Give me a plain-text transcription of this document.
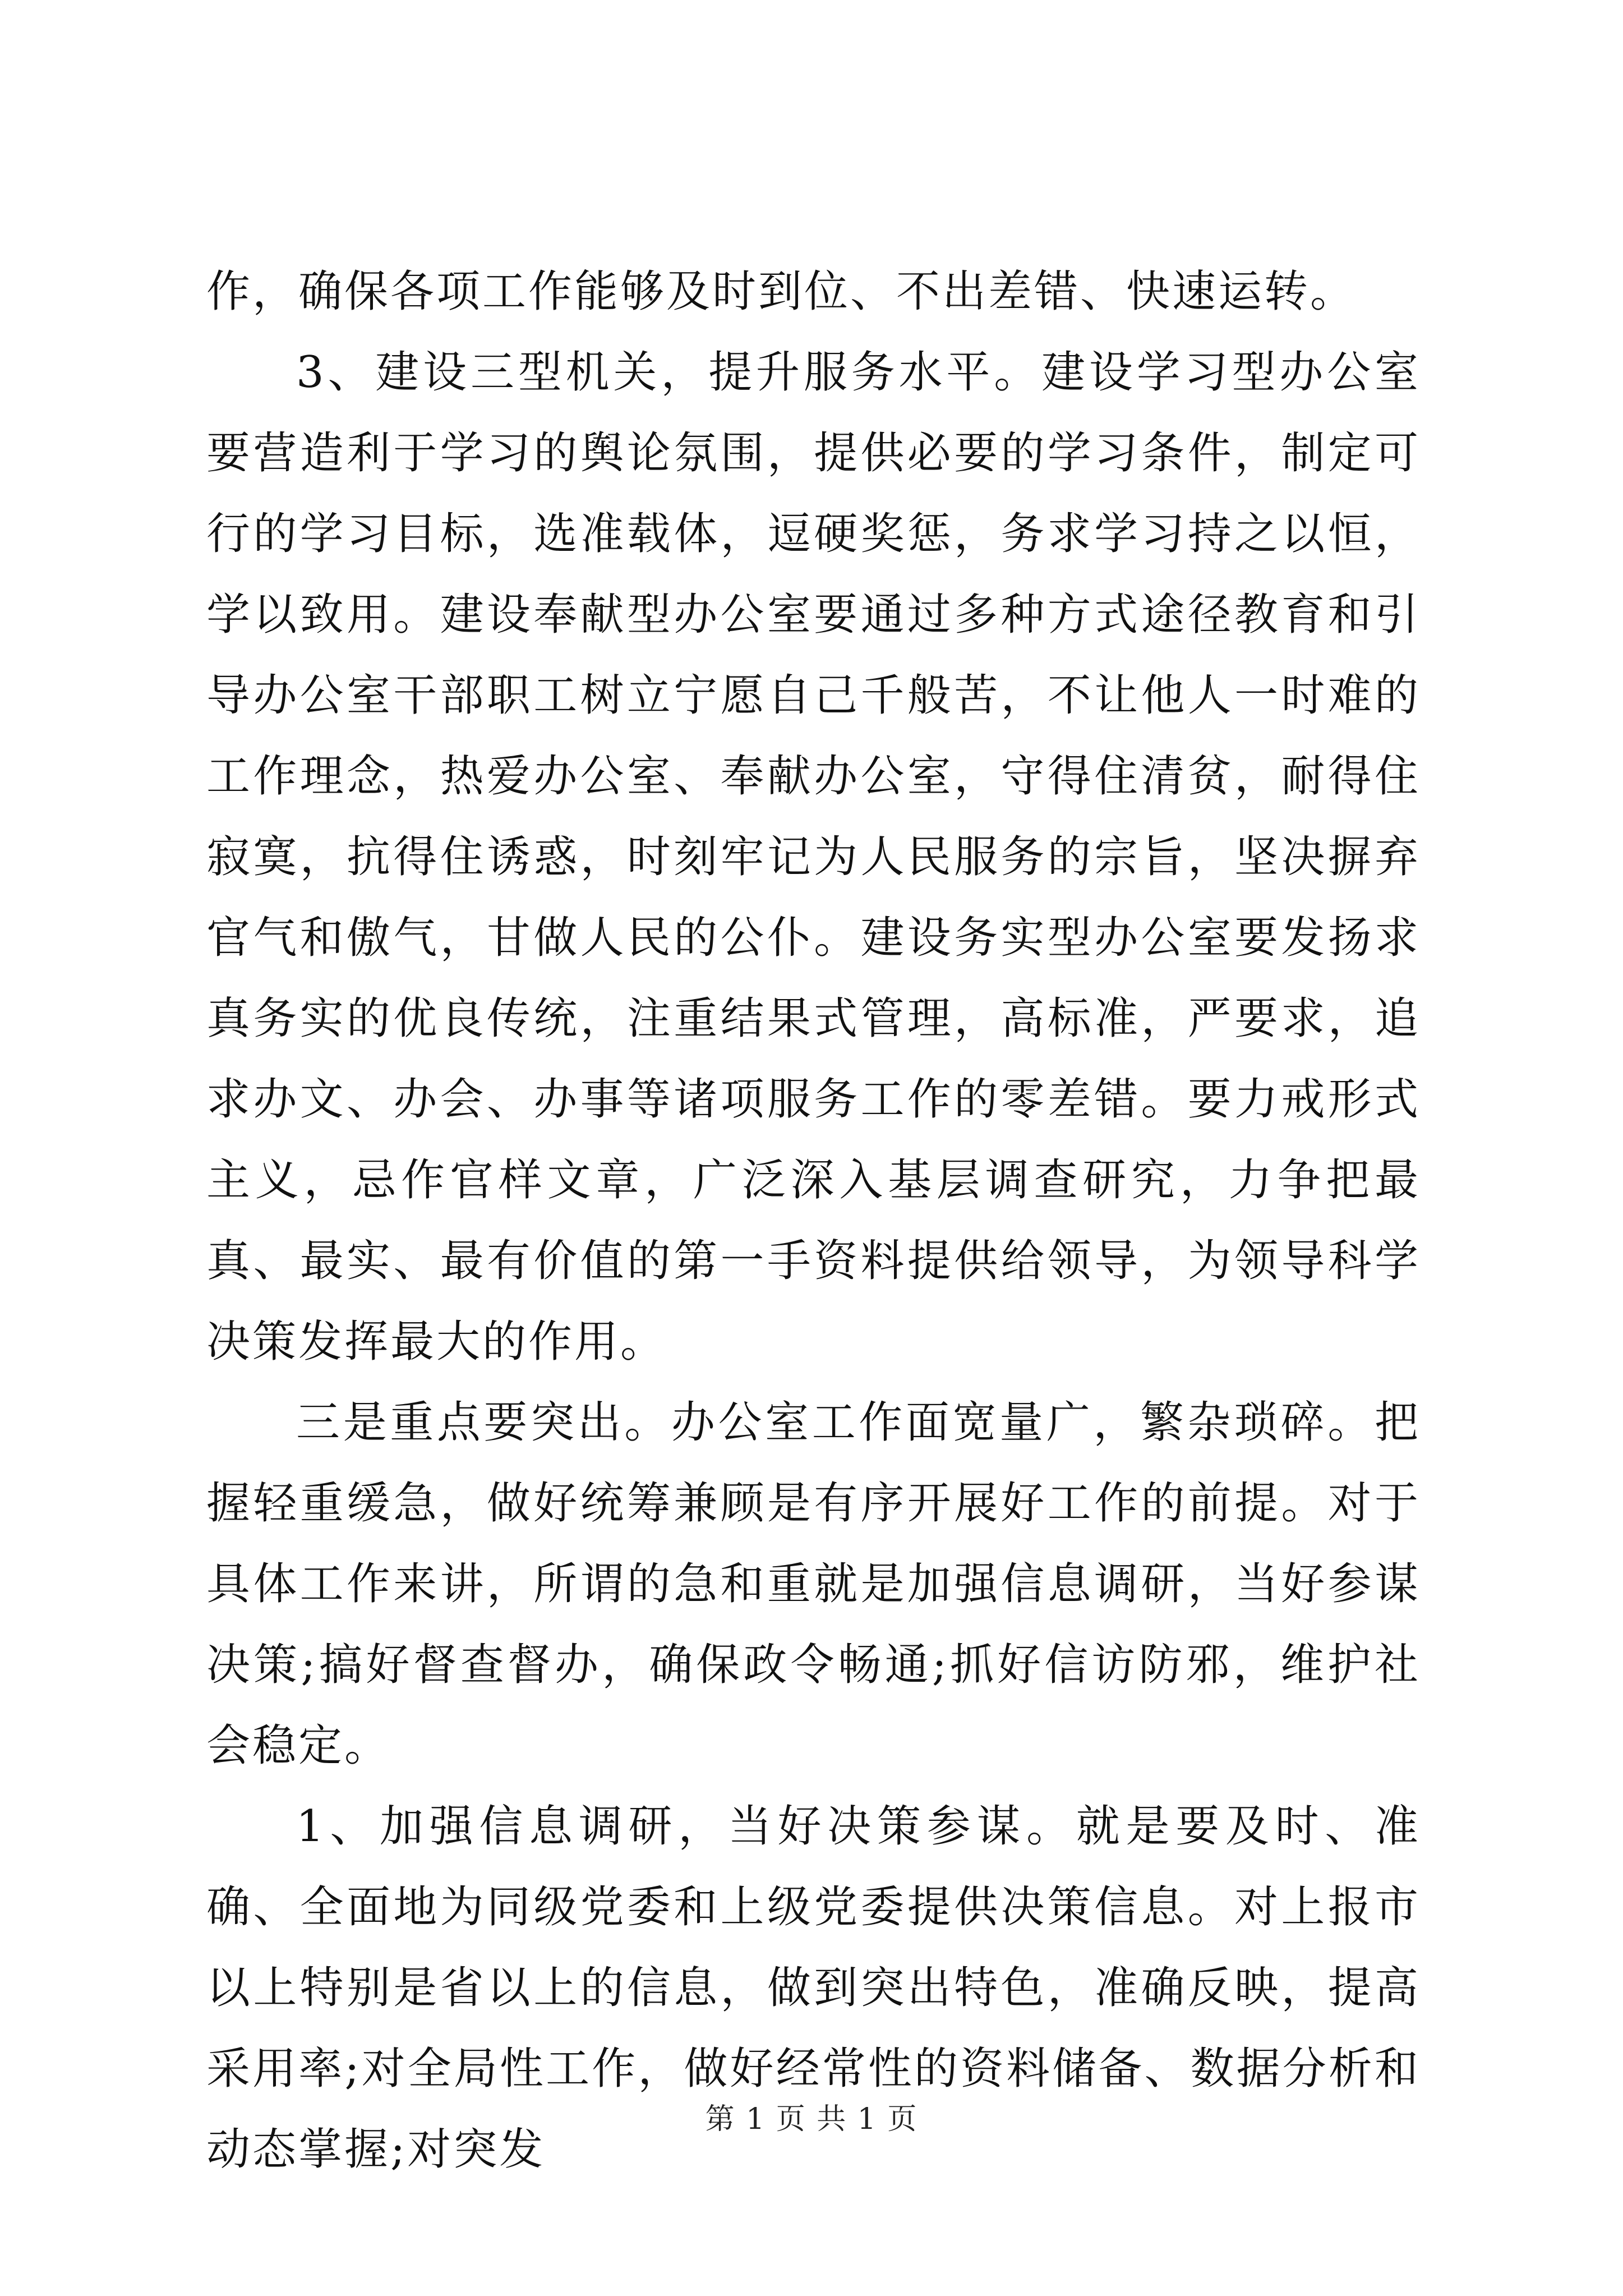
作，确保各项工作能够及时到位、不出差错、快速运转。

3、建设三型机关，提升服务水平。建设学习型办公室要营造利于学习的舆论氛围，提供必要的学习条件，制定可行的学习目标，选准载体，逗硬奖惩，务求学习持之以恒，学以致用。建设奉献型办公室要通过多种方式途径教育和引导办公室干部职工树立宁愿自己千般苦，不让他人一时难的工作理念，热爱办公室、奉献办公室，守得住清贫，耐得住寂寞，抗得住诱惑，时刻牢记为人民服务的宗旨，坚决摒弃官气和傲气，甘做人民的公仆。建设务实型办公室要发扬求真务实的优良传统，注重结果式管理，高标准，严要求，追求办文、办会、办事等诸项服务工作的零差错。要力戒形式主义，忌作官样文章，广泛深入基层调查研究，力争把最真、最实、最有价值的第一手资料提供给领导，为领导科学决策发挥最大的作用。

三是重点要突出。办公室工作面宽量广，繁杂琐碎。把握轻重缓急，做好统筹兼顾是有序开展好工作的前提。对于具体工作来讲，所谓的急和重就是加强信息调研，当好参谋决策;搞好督查督办，确保政令畅通;抓好信访防邪，维护社会稳定。

1、加强信息调研，当好决策参谋。就是要及时、准确、全面地为同级党委和上级党委提供决策信息。对上报市以上特别是省以上的信息，做到突出特色，准确反映，提高采用率;对全局性工作，做好经常性的资料储备、数据分析和动态掌握;对突发

第 1 页 共 1 页
